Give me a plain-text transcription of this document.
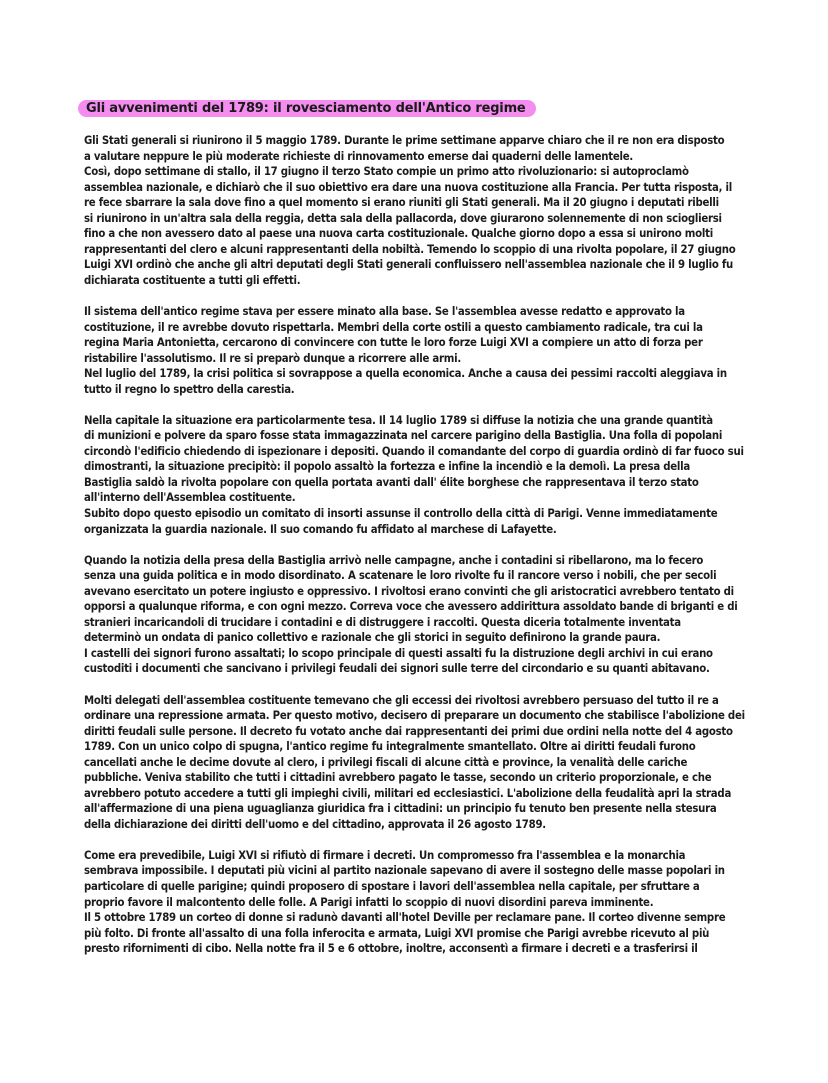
Gli avvenimenti del 1789: il rovesciamento dell'Antico regime
Gli Stati generali si riunirono il 5 maggio 1789. Durante le prime settimane apparve chiaro che il re non era disposto
a valutare neppure le più moderate richieste di rinnovamento emerse dai quaderni delle lamentele.
Così, dopo settimane di stallo, il 17 giugno il terzo Stato compie un primo atto rivoluzionario: si autoproclamò
assemblea nazionale, e dichiarò che il suo obiettivo era dare una nuova costituzione alla Francia. Per tutta risposta, il
re fece sbarrare la sala dove fino a quel momento si erano riuniti gli Stati generali. Ma il 20 giugno i deputati ribelli
si riunirono in un'altra sala della reggia, detta sala della pallacorda, dove giurarono solennemente di non sciogliersi
fino a che non avessero dato al paese una nuova carta costituzionale. Qualche giorno dopo a essa si unirono molti
rappresentanti del clero e alcuni rappresentanti della nobiltà. Temendo lo scoppio di una rivolta popolare, il 27 giugno
Luigi XVI ordinò che anche gli altri deputati degli Stati generali confluissero nell'assemblea nazionale che il 9 luglio fu
dichiarata costituente a tutti gli effetti.
Il sistema dell'antico regime stava per essere minato alla base. Se l'assemblea avesse redatto e approvato la
costituzione, il re avrebbe dovuto rispettarla. Membri della corte ostili a questo cambiamento radicale, tra cui la
regina Maria Antonietta, cercarono di convincere con tutte le loro forze Luigi XVI a compiere un atto di forza per
ristabilire l'assolutismo. Il re si preparò dunque a ricorrere alle armi.
Nel luglio del 1789, la crisi politica si sovrappose a quella economica. Anche a causa dei pessimi raccolti aleggiava in
tutto il regno lo spettro della carestia.
Nella capitale la situazione era particolarmente tesa. Il 14 luglio 1789 si diffuse la notizia che una grande quantità
di munizioni e polvere da sparo fosse stata immagazzinata nel carcere parigino della Bastiglia. Una folla di popolani
circondò l'edificio chiedendo di ispezionare i depositi. Quando il comandante del corpo di guardia ordinò di far fuoco sui
dimostranti, la situazione precipitò: il popolo assaltò la fortezza e infine la incendiò e la demolì. La presa della
Bastiglia saldò la rivolta popolare con quella portata avanti dall' élite borghese che rappresentava il terzo stato
all'interno dell'Assemblea costituente.
Subito dopo questo episodio un comitato di insorti assunse il controllo della città di Parigi. Venne immediatamente
organizzata la guardia nazionale. Il suo comando fu affidato al marchese di Lafayette.
Quando la notizia della presa della Bastiglia arrivò nelle campagne, anche i contadini si ribellarono, ma lo fecero
senza una guida politica e in modo disordinato. A scatenare le loro rivolte fu il rancore verso i nobili, che per secoli
avevano esercitato un potere ingiusto e oppressivo. I rivoltosi erano convinti che gli aristocratici avrebbero tentato di
opporsi a qualunque riforma, e con ogni mezzo. Correva voce che avessero addirittura assoldato bande di briganti e di
stranieri incaricandoli di trucidare i contadini e di distruggere i raccolti. Questa diceria totalmente inventata
determinò un ondata di panico collettivo e razionale che gli storici in seguito definirono la grande paura.
I castelli dei signori furono assaltati; lo scopo principale di questi assalti fu la distruzione degli archivi in cui erano
custoditi i documenti che sancivano i privilegi feudali dei signori sulle terre del circondario e su quanti abitavano.
Molti delegati dell'assemblea costituente temevano che gli eccessi dei rivoltosi avrebbero persuaso del tutto il re a
ordinare una repressione armata. Per questo motivo, decisero di preparare un documento che stabilisce l'abolizione dei
diritti feudali sulle persone. Il decreto fu votato anche dai rappresentanti dei primi due ordini nella notte del 4 agosto
1789. Con un unico colpo di spugna, l'antico regime fu integralmente smantellato. Oltre ai diritti feudali furono
cancellati anche le decime dovute al clero, i privilegi fiscali di alcune città e province, la venalità delle cariche
pubbliche. Veniva stabilito che tutti i cittadini avrebbero pagato le tasse, secondo un criterio proporzionale, e che
avrebbero potuto accedere a tutti gli impieghi civili, militari ed ecclesiastici. L'abolizione della feudalità apri la strada
all'affermazione di una piena uguaglianza giuridica fra i cittadini: un principio fu tenuto ben presente nella stesura
della dichiarazione dei diritti dell'uomo e del cittadino, approvata il 26 agosto 1789.
Come era prevedibile, Luigi XVI si rifiutò di firmare i decreti. Un compromesso fra l'assemblea e la monarchia
sembrava impossibile. I deputati più vicini al partito nazionale sapevano di avere il sostegno delle masse popolari in
particolare di quelle parigine; quindi proposero di spostare i lavori dell'assemblea nella capitale, per sfruttare a
proprio favore il malcontento delle folle. A Parigi infatti lo scoppio di nuovi disordini pareva imminente.
Il 5 ottobre 1789 un corteo di donne si radunò davanti all'hotel Deville per reclamare pane. Il corteo divenne sempre
più folto. Di fronte all'assalto di una folla inferocita e armata, Luigi XVI promise che Parigi avrebbe ricevuto al più
presto rifornimenti di cibo. Nella notte fra il 5 e 6 ottobre, inoltre, acconsentì a firmare i decreti e a trasferirsi il
